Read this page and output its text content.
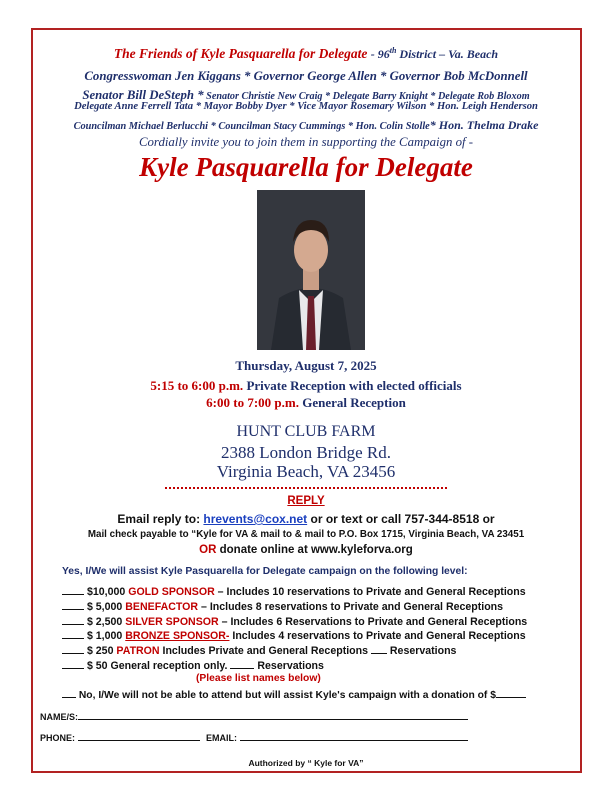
The Friends of Kyle Pasquarella for Delegate - 96th District – Va. Beach
Congresswoman Jen Kiggans * Governor George Allen * Governor Bob McDonnell
Senator Bill DeSteph * Senator Christie New Craig * Delegate Barry Knight * Delegate Rob Bloxom
Delegate Anne Ferrell Tata * Mayor Bobby Dyer * Vice Mayor Rosemary Wilson * Hon. Leigh Henderson
Councilman Michael Berlucchi * Councilman Stacy Cummings * Hon. Colin Stolle* Hon. Thelma Drake
Cordially invite you to join them in supporting the Campaign of -
Kyle Pasquarella for Delegate
Thursday, August 7, 2025
5:15 to 6:00 p.m. Private Reception with elected officials
6:00 to 7:00 p.m. General Reception
HUNT CLUB FARM
2388 London Bridge Rd.
Virginia Beach, VA 23456
REPLY
Email reply to: hrevents@cox.net or or text or call 757-344-8518 or
Mail check payable to “Kyle for VA & mail to & mail to P.O. Box 1715, Virginia Beach, VA 23451
OR donate online at www.kyleforva.org
Yes, I/We will assist Kyle Pasquarella for Delegate campaign on the following level:
$10,000 GOLD SPONSOR – Includes 10 reservations to Private and General Receptions
$ 5,000 BENEFACTOR – Includes 8 reservations to Private and General Receptions
$ 2,500 SILVER SPONSOR – Includes 6 Reservations to Private and General Receptions
$ 1,000 BRONZE SPONSOR- Includes 4 reservations to Private and General Receptions
$ 250 PATRON Includes Private and General Receptions  Reservations
$ 50 General reception only.	Reservations
(Please list names below)
No, I/We will not be able to attend but will assist Kyle's campaign with a donation of $
NAME/S:
PHONE:	EMAIL:
Authorized by “ Kyle for VA”
